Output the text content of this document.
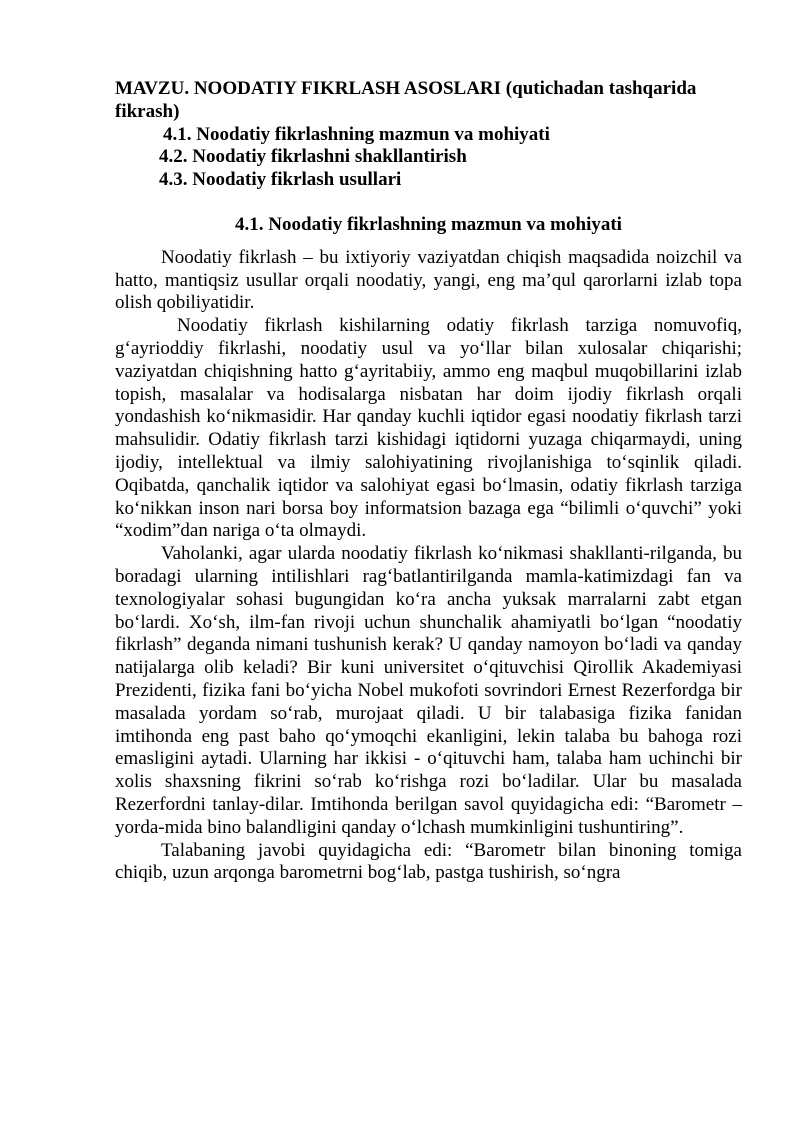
MAVZU. NOODATIY FIKRLASH ASOSLARI (qutichadan tashqarida fikrash)

4.1. Noodatiy fikrlashning mazmun va mohiyati
4.2. Noodatiy fikrlashni shakllantirish
4.3. Noodatiy fikrlash usullari

4.1. Noodatiy fikrlashning mazmun va mohiyati

Noodatiy fikrlash – bu ixtiyoriy vaziyatdan chiqish maqsadida noizchil va hatto, mantiqsiz usullar orqali noodatiy, yangi, eng ma’qul qarorlarni izlab topa olish qobiliyatidir.

Noodatiy fikrlash kishilarning odatiy fikrlash tarziga nomuvofiq, g‘ayrioddiy fikrlashi, noodatiy usul va yo‘llar bilan xulosalar chiqarishi; vaziyatdan chiqishning hatto g‘ayritabiiy, ammo eng maqbul muqobillarini izlab topish, masalalar va hodisalarga nisbatan har doim ijodiy fikrlash orqali yondashish ko‘nikmasidir. Har qanday kuchli iqtidor egasi noodatiy fikrlash tarzi mahsulidir. Odatiy fikrlash tarzi kishidagi iqtidorni yuzaga chiqarmaydi, uning ijodiy, intellektual va ilmiy salohiyatining rivojlanishiga to‘sqinlik qiladi. Oqibatda, qanchalik iqtidor va salohiyat egasi bo‘lmasin, odatiy fikrlash tarziga ko‘nikkan inson nari borsa boy informatsion bazaga ega “bilimli o‘quvchi” yoki “xodim”dan nariga o‘ta olmaydi.

Vaholanki, agar ularda noodatiy fikrlash ko‘nikmasi shakllanti-rilganda, bu boradagi ularning intilishlari rag‘batlantirilganda mamla-katimizdagi fan va texnologiyalar sohasi bugungidan ko‘ra ancha yuksak marralarni zabt etgan bo‘lardi. Xo‘sh, ilm-fan rivoji uchun shunchalik ahamiyatli bo‘lgan “noodatiy fikrlash” deganda nimani tushunish kerak? U qanday namoyon bo‘ladi va qanday natijalarga olib keladi? Bir kuni universitet o‘qituvchisi Qirollik Akademiyasi Prezidenti, fizika fani bo‘yicha Nobel mukofoti sovrindori Ernest Rezerfordga bir masalada yordam so‘rab, murojaat qiladi. U bir talabasiga fizika fanidan imtihonda eng past baho qo‘ymoqchi ekanligini, lekin talaba bu bahoga rozi emasligini aytadi. Ularning har ikkisi - o‘qituvchi ham, talaba ham uchinchi bir xolis shaxsning fikrini so‘rab ko‘rishga rozi bo‘ladilar. Ular bu masalada Rezerfordni tanlay-dilar. Imtihonda berilgan savol quyidagicha edi: “Barometr – yorda-mida bino balandligini qanday o‘lchash mumkinligini tushuntiring”.

Talabaning javobi quyidagicha edi: “Barometr bilan binoning tomiga chiqib, uzun arqonga barometrni bog‘lab, pastga tushirish, so‘ngra
